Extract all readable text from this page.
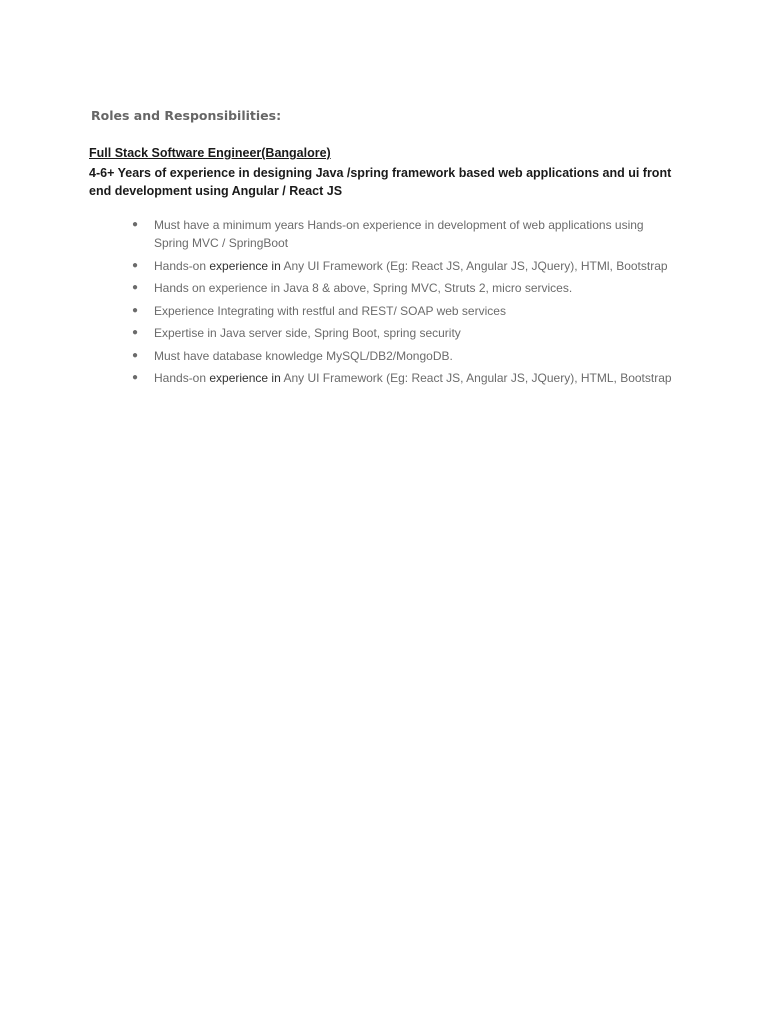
Roles and Responsibilities:

Full Stack Software Engineer(Bangalore)

4-6+ Years of experience in designing Java /spring framework based web applications and ui front end development using Angular / React JS

● Must have a minimum years Hands-on experience in development of web applications using Spring MVC / SpringBoot
● Hands-on experience in Any UI Framework (Eg: React JS, Angular JS, JQuery), HTMl, Bootstrap
● Hands on experience in Java 8 & above, Spring MVC, Struts 2, micro services.
● Experience Integrating with restful and REST/ SOAP web services
● Expertise in Java server side, Spring Boot, spring security
● Must have database knowledge MySQL/DB2/MongoDB.
● Hands-on experience in Any UI Framework (Eg: React JS, Angular JS, JQuery), HTML, Bootstrap
